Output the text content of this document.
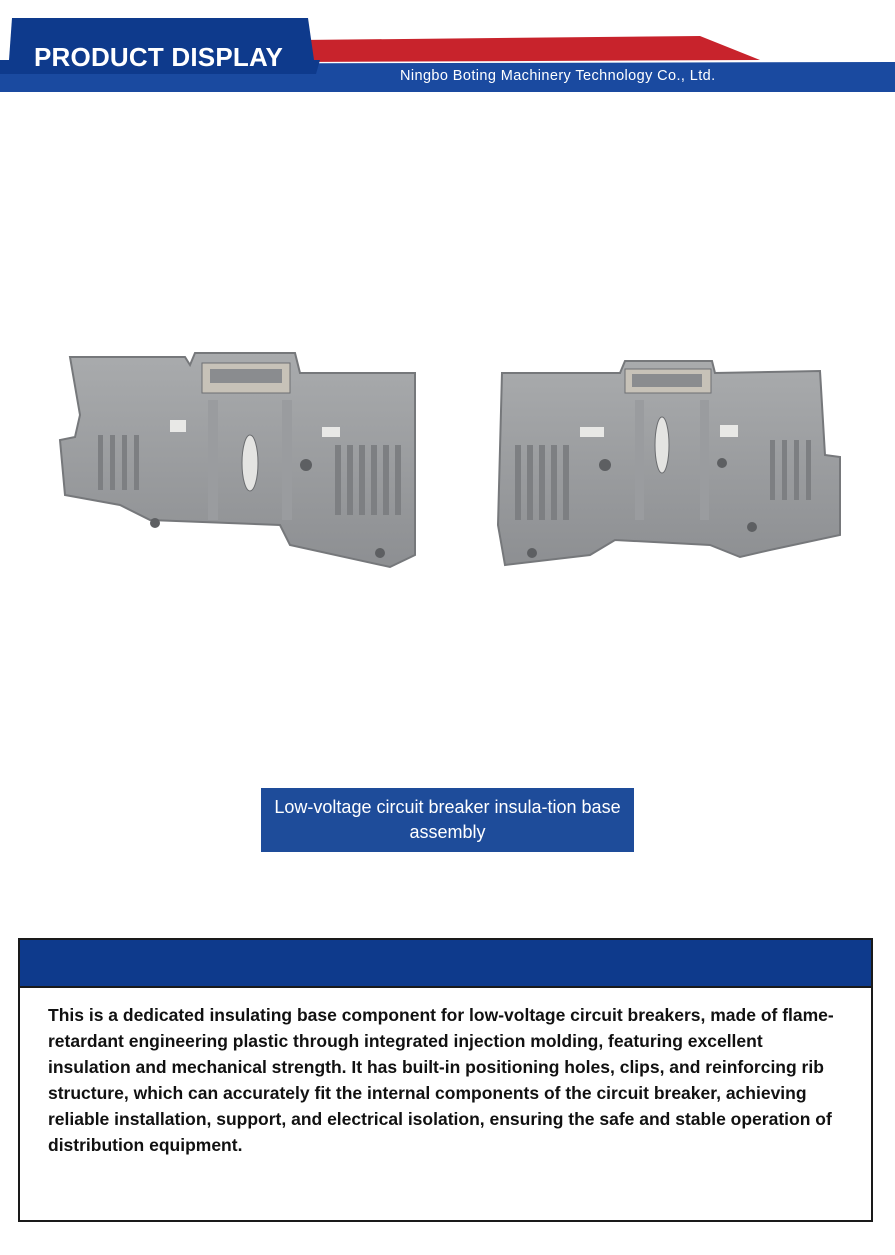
PRODUCT DISPLAY
Ningbo Boting Machinery Technology Co., Ltd.
Low-voltage circuit breaker insula-tion base assembly
This is a dedicated insulating base component for low-voltage circuit breakers, made of flame-retardant engineering plastic through integrated injection molding, featuring excellent insulation and mechanical strength. It has built-in positioning holes, clips, and reinforcing rib structure, which can accurately fit the internal components of the circuit breaker, achieving reliable installation, support, and electrical isolation, ensuring the safe and stable operation of distribution equipment.
